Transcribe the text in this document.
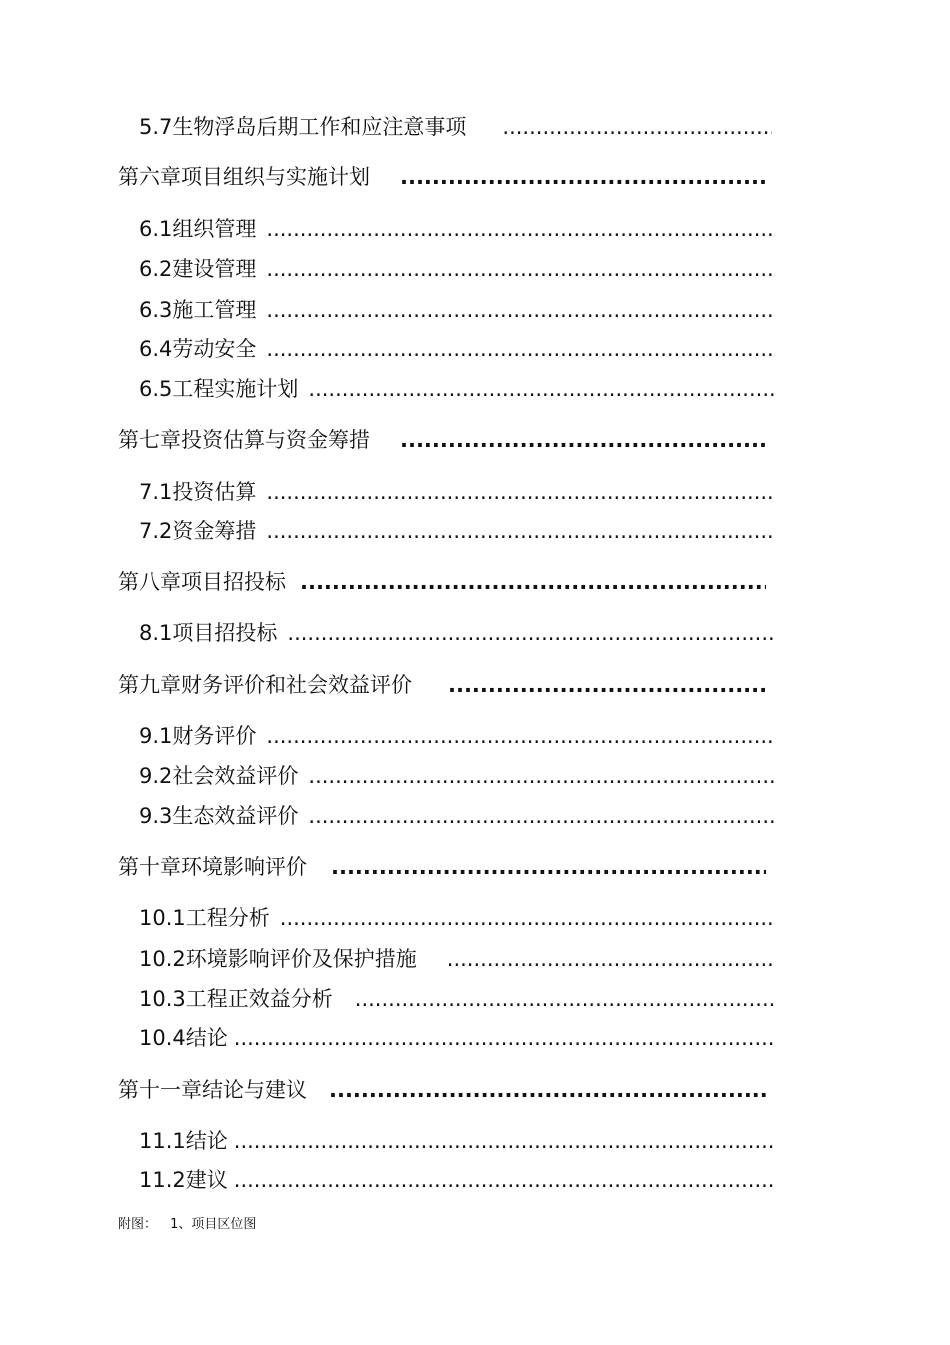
5.7 生物浮岛后期工作和应注意事项
.....
第六章 项目组织与实施计划
.....
6.1 组织管理
.....
6.2 建设管理
.....
6.3 施工管理
.....
6.4 劳动安全
.....
6.5 工程实施计划
.....
第七章 投资估算与资金筹措
.....
7.1 投资估算
.....
7.2 资金筹措
.....
第八章 项目招投标
.....
8.1 项目招投标
.....
第九章 财务评价和社会效益评价
.....
9.1 财务评价
.....
9.2 社会效益评价
.....
9.3 生态效益评价
.....
第十章 环境影响评价
.....
10.1 工程分析
.....
10.2 环境影响评价及保护措施
.....
10.3 工程正效益分析
.....
10.4 结论
.....
第十一章 结论与建议
.....
11.1 结论
.....
11.2 建议
.....
附图： 1、项目区位图
